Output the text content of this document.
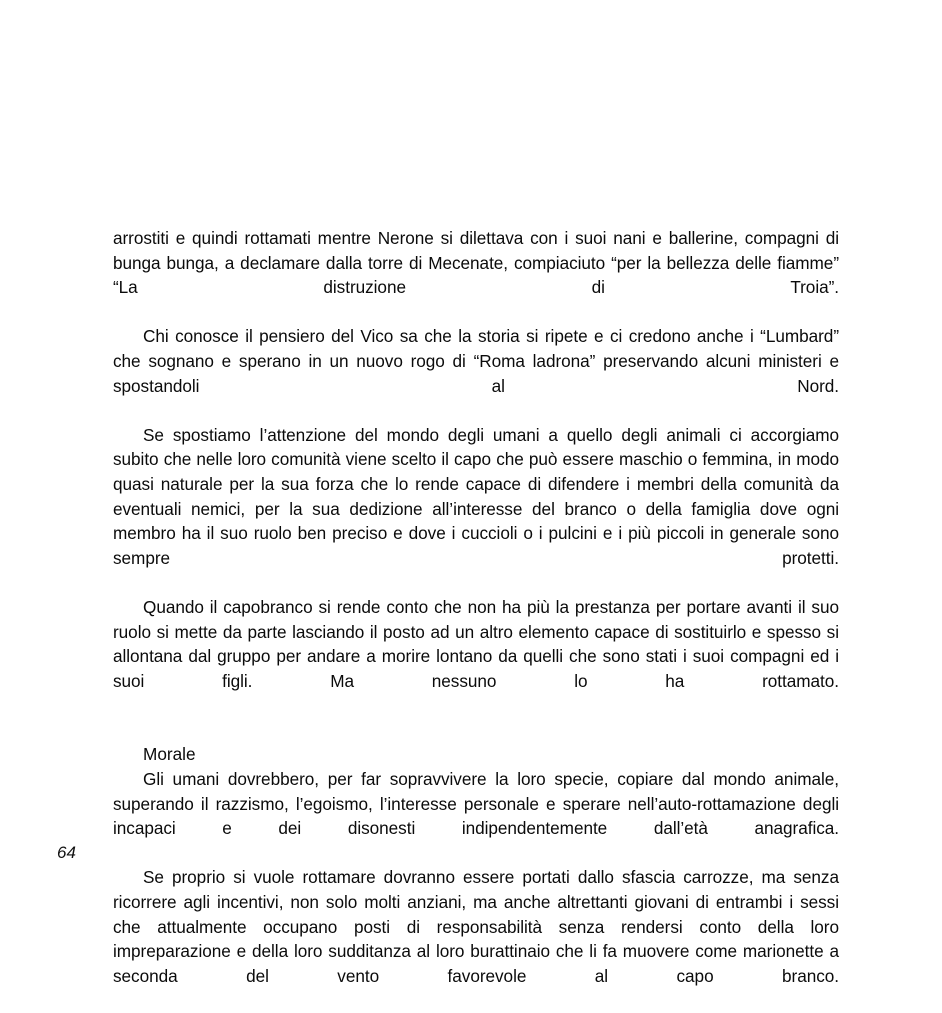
arrostiti e quindi rottamati mentre Nerone si dilettava con i suoi nani e ballerine, compagni di bunga bunga, a declamare dalla torre di Mecenate, compiaciuto “per la bellezza delle fiamme” “La distruzione di Troia”.

Chi conosce il pensiero del Vico sa che la storia si ripete e ci credono anche i “Lumbard” che sognano e sperano in un nuovo rogo di “Roma ladrona” preservando alcuni ministeri e spostandoli al Nord.

Se spostiamo l’attenzione del mondo degli umani a quello degli animali ci accorgiamo subito che nelle loro comunità viene scelto il capo che può essere maschio o femmina, in modo quasi naturale per la sua forza che lo rende capace di difendere i membri della comunità da eventuali nemici, per la sua dedizione all’interesse del branco o della famiglia dove ogni membro ha il suo ruolo ben preciso e dove i cuccioli o i pulcini e i più piccoli in generale sono sempre protetti.

Quando il capobranco si rende conto che non ha più la prestanza per portare avanti il suo ruolo si mette da parte lasciando il posto ad un altro elemento capace di sostituirlo e spesso si allontana dal gruppo per andare a morire lontano da quelli che sono stati i suoi compagni ed i suoi figli. Ma nessuno lo ha rottamato.

Morale

Gli umani dovrebbero, per far sopravvivere la loro specie, copiare dal mondo animale, superando il razzismo, l’egoismo, l’interesse personale e sperare nell’auto-rottamazione degli incapaci e dei disonesti indipendentemente dall’età anagrafica.

Se proprio si vuole rottamare dovranno essere portati dallo sfascia carrozze, ma senza ricorrere agli incentivi, non solo molti anziani, ma anche altrettanti giovani di entrambi i sessi che attualmente occupano posti di responsabilità senza rendersi conto della loro impreparazione e della loro sudditanza al loro burattinaio che li fa muovere come marionette a seconda del vento favorevole al capo branco.

64
